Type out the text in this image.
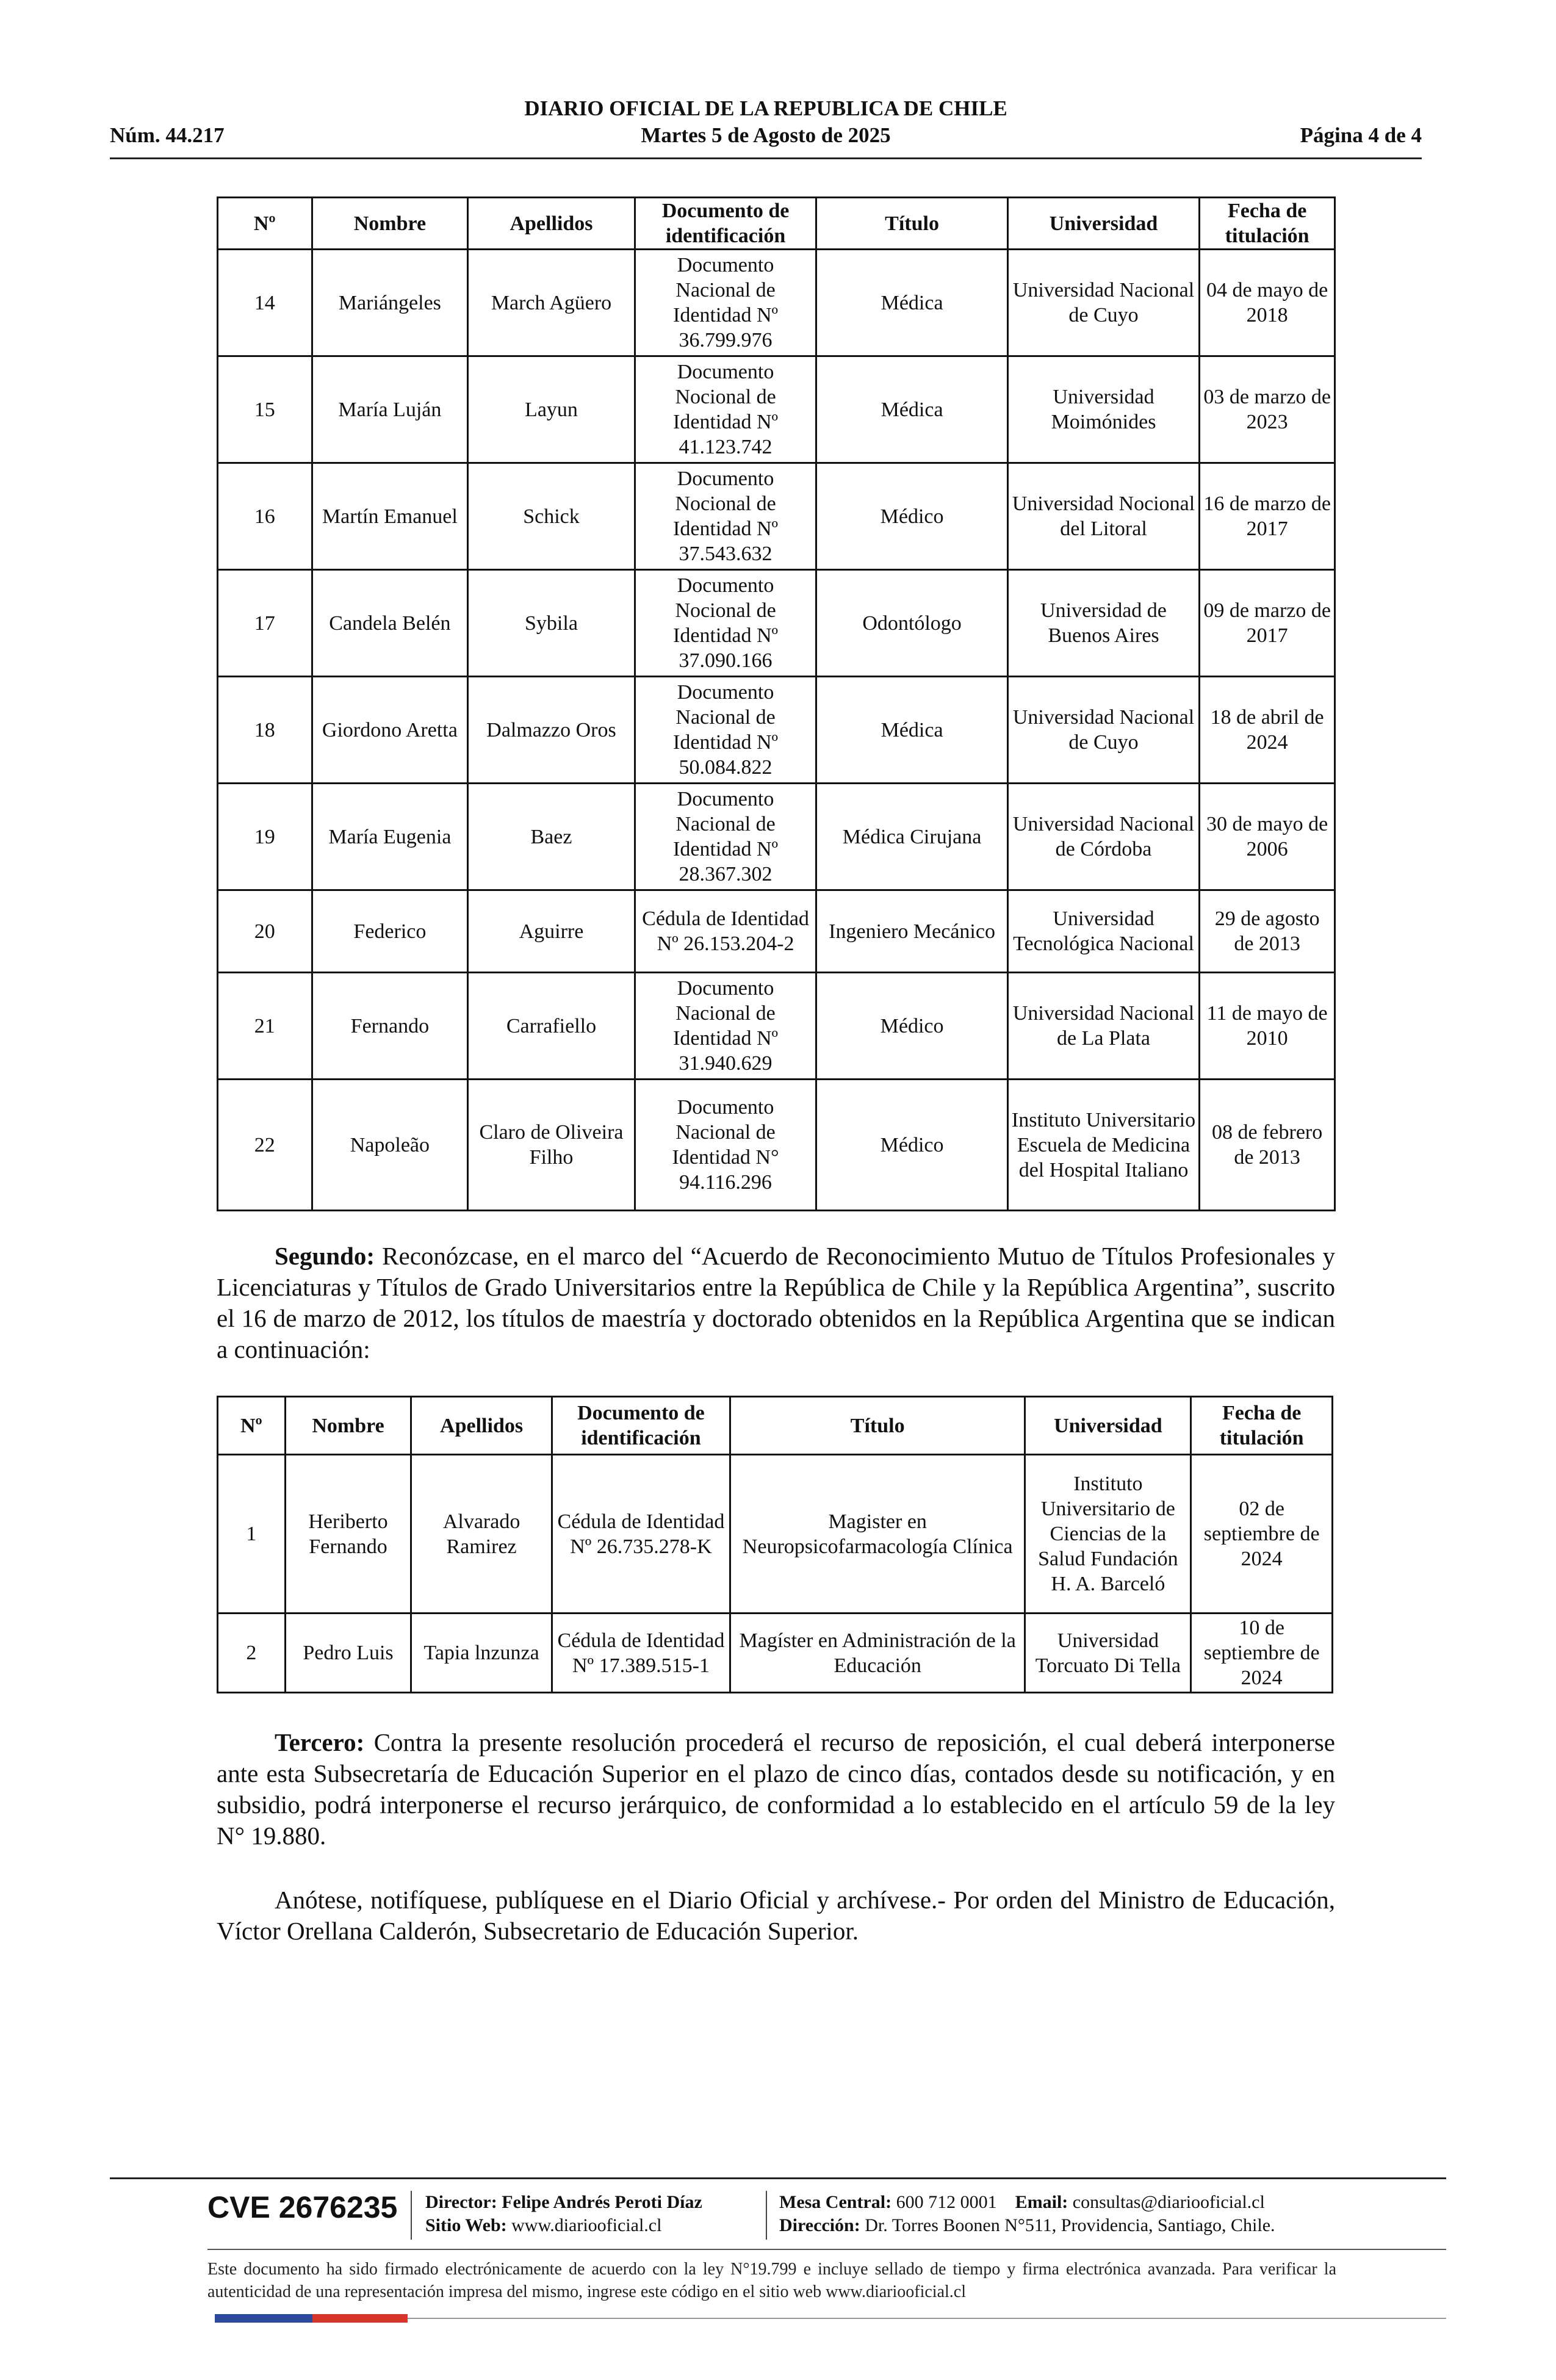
DIARIO OFICIAL DE LA REPUBLICA DE CHILE
Núm. 44.217	Martes 5 de Agosto de 2025	Página 4 de 4
Nº	Nombre	Apellidos	Documento de identificación	Título	Universidad	Fecha de titulación
14	Mariángeles	March Agüero	Documento Nacional de Identidad Nº 36.799.976	Médica	Universidad Nacional de Cuyo	04 de mayo de 2018
15	María Luján	Layun	Documento Nocional de Identidad Nº 41.123.742	Médica	Universidad Moimónides	03 de marzo de 2023
16	Martín Emanuel	Schick	Documento Nocional de Identidad Nº 37.543.632	Médico	Universidad Nocional del Litoral	16 de marzo de 2017
17	Candela Belén	Sybila	Documento Nocional de Identidad Nº 37.090.166	Odontólogo	Universidad de Buenos Aires	09 de marzo de 2017
18	Giordono Aretta	Dalmazzo Oros	Documento Nacional de Identidad Nº 50.084.822	Médica	Universidad Nacional de Cuyo	18 de abril de 2024
19	María Eugenia	Baez	Documento Nacional de Identidad Nº 28.367.302	Médica Cirujana	Universidad Nacional de Córdoba	30 de mayo de 2006
20	Federico	Aguirre	Cédula de Identidad Nº 26.153.204-2	Ingeniero Mecánico	Universidad Tecnológica Nacional	29 de agosto de 2013
21	Fernando	Carrafiello	Documento Nacional de Identidad Nº 31.940.629	Médico	Universidad Nacional de La Plata	11 de mayo de 2010
22	Napoleão	Claro de Oliveira Filho	Documento Nacional de Identidad N° 94.116.296	Médico	Instituto Universitario Escuela de Medicina del Hospital Italiano	08 de febrero de 2013
Segundo: Reconózcase, en el marco del “Acuerdo de Reconocimiento Mutuo de Títulos Profesionales y Licenciaturas y Títulos de Grado Universitarios entre la República de Chile y la República Argentina”, suscrito el 16 de marzo de 2012, los títulos de maestría y doctorado obtenidos en la República Argentina que se indican a continuación:
Nº	Nombre	Apellidos	Documento de identificación	Título	Universidad	Fecha de titulación
1	Heriberto Fernando	Alvarado Ramirez	Cédula de Identidad Nº 26.735.278-K	Magister en Neuropsicofarmacología Clínica	Instituto Universitario de Ciencias de la Salud Fundación H. A. Barceló	02 de septiembre de 2024
2	Pedro Luis	Tapia lnzunza	Cédula de Identidad Nº 17.389.515-1	Magíster en Administración de la Educación	Universidad Torcuato Di Tella	10 de septiembre de 2024
Tercero: Contra la presente resolución procederá el recurso de reposición, el cual deberá interponerse ante esta Subsecretaría de Educación Superior en el plazo de cinco días, contados desde su notificación, y en subsidio, podrá interponerse el recurso jerárquico, de conformidad a lo establecido en el artículo 59 de la ley N° 19.880.
Anótese, notifíquese, publíquese en el Diario Oficial y archívese.- Por orden del Ministro de Educación, Víctor Orellana Calderón, Subsecretario de Educación Superior.
CVE 2676235 Director: Felipe Andrés Peroti Díaz
Sitio Web: www.diariooficial.cl
Mesa Central: 600 712 0001 Email: consultas@diariooficial.cl
Dirección: Dr. Torres Boonen N°511, Providencia, Santiago, Chile.
Este documento ha sido firmado electrónicamente de acuerdo con la ley N°19.799 e incluye sellado de tiempo y firma electrónica avanzada. Para verificar la autenticidad de una representación impresa del mismo, ingrese este código en el sitio web www.diariooficial.cl
